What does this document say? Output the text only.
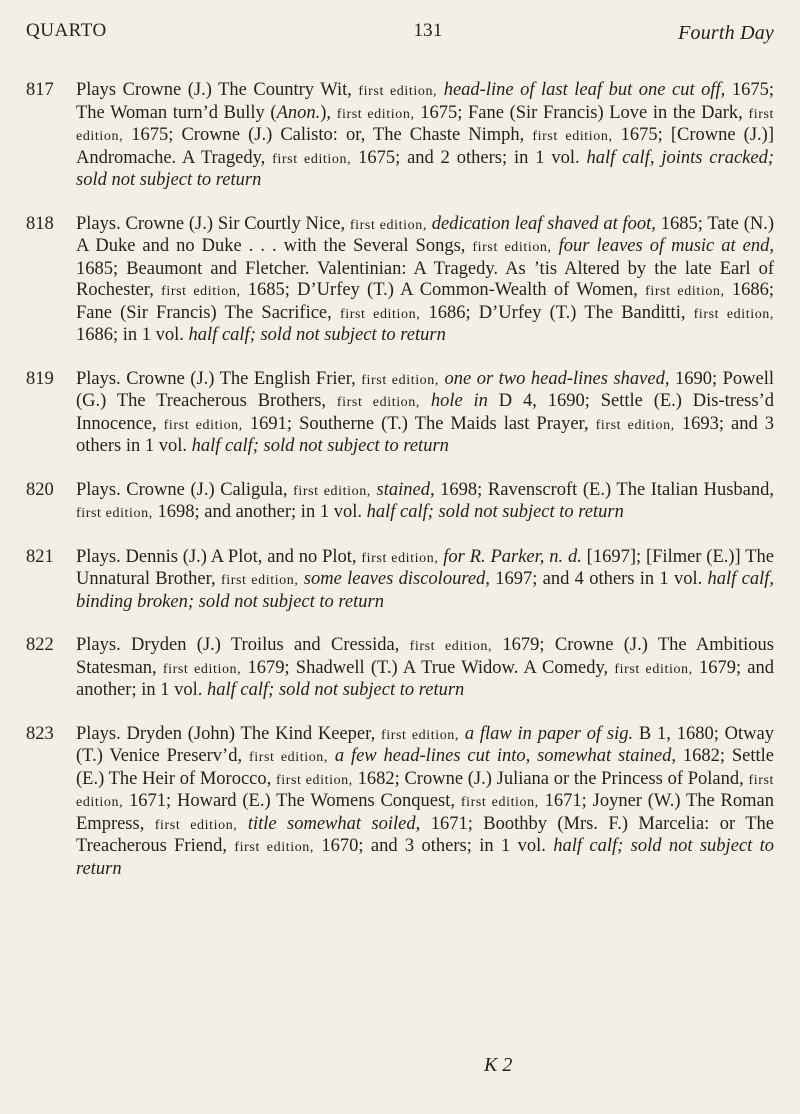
QUARTO	131	Fourth Day
817	Plays Crowne (J.) The Country Wit, first edition, head-line of last leaf but one cut off, 1675; The Woman turn’d Bully (Anon.), first edition, 1675; Fane (Sir Francis) Love in the Dark, first edition, 1675; Crowne (J.) Calisto: or, The Chaste Nimph, first edition, 1675; [Crowne (J.)] Andromache. A Tragedy, first edition, 1675; and 2 others; in 1 vol. half calf, joints cracked; sold not subject to return
818	Plays. Crowne (J.) Sir Courtly Nice, first edition, dedication leaf shaved at foot, 1685; Tate (N.) A Duke and no Duke . . . with the Several Songs, first edition, four leaves of music at end, 1685; Beaumont and Fletcher. Valentinian: A Tragedy. As ’tis Altered by the late Earl of Rochester, first edition, 1685; D’Urfey (T.) A Common-Wealth of Women, first edition, 1686; Fane (Sir Francis) The Sacrifice, first edition, 1686; D’Urfey (T.) The Banditti, first edition, 1686; in 1 vol. half calf; sold not subject to return
819	Plays. Crowne (J.) The English Frier, first edition, one or two head-lines shaved, 1690; Powell (G.) The Treacherous Brothers, first edition, hole in D 4, 1690; Settle (E.) Dis-tress’d Innocence, first edition, 1691; Southerne (T.) The Maids last Prayer, first edition, 1693; and 3 others in 1 vol. half calf; sold not subject to return
820	Plays. Crowne (J.) Caligula, first edition, stained, 1698; Ravenscroft (E.) The Italian Husband, first edition, 1698; and another; in 1 vol. half calf; sold not subject to return
821	Plays. Dennis (J.) A Plot, and no Plot, first edition, for R. Parker, n. d. [1697]; [Filmer (E.)] The Unnatural Brother, first edition, some leaves discoloured, 1697; and 4 others in 1 vol. half calf, binding broken; sold not subject to return
822	Plays. Dryden (J.) Troilus and Cressida, first edition, 1679; Crowne (J.) The Ambitious Statesman, first edition, 1679; Shadwell (T.) A True Widow. A Comedy, first edition, 1679; and another; in 1 vol. half calf; sold not subject to return
823	Plays. Dryden (John) The Kind Keeper, first edition, a flaw in paper of sig. B 1, 1680; Otway (T.) Venice Preserv’d, first edition, a few head-lines cut into, somewhat stained, 1682; Settle (E.) The Heir of Morocco, first edition, 1682; Crowne (J.) Juliana or the Princess of Poland, first edition, 1671; Howard (E.) The Womens Conquest, first edition, 1671; Joyner (W.) The Roman Empress, first edition, title somewhat soiled, 1671; Boothby (Mrs. F.) Marcelia: or The Treacherous Friend, first edition, 1670; and 3 others; in 1 vol. half calf; sold not subject to return
K 2
